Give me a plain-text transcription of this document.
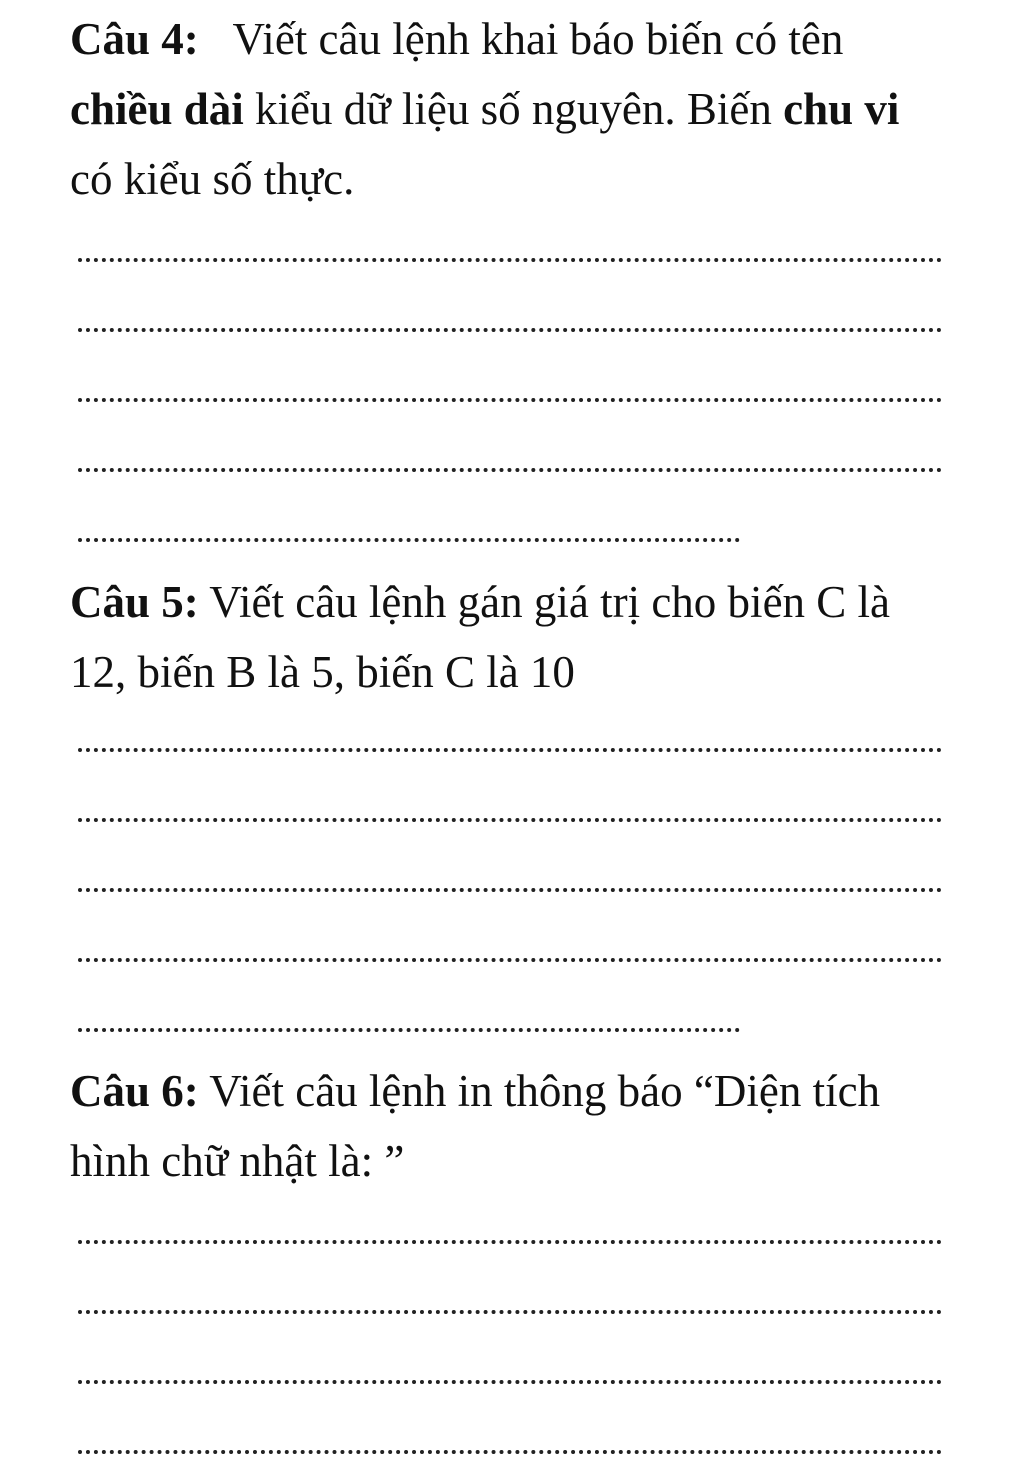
Câu 4: Viết câu lệnh khai báo biến có tên chiều dài kiểu dữ liệu số nguyên. Biến chu vi có kiểu số thực.

Câu 5: Viết câu lệnh gán giá trị cho biến C là 12, biến B là 5, biến C là 10

Câu 6: Viết câu lệnh in thông báo “Diện tích hình chữ nhật là: ”
